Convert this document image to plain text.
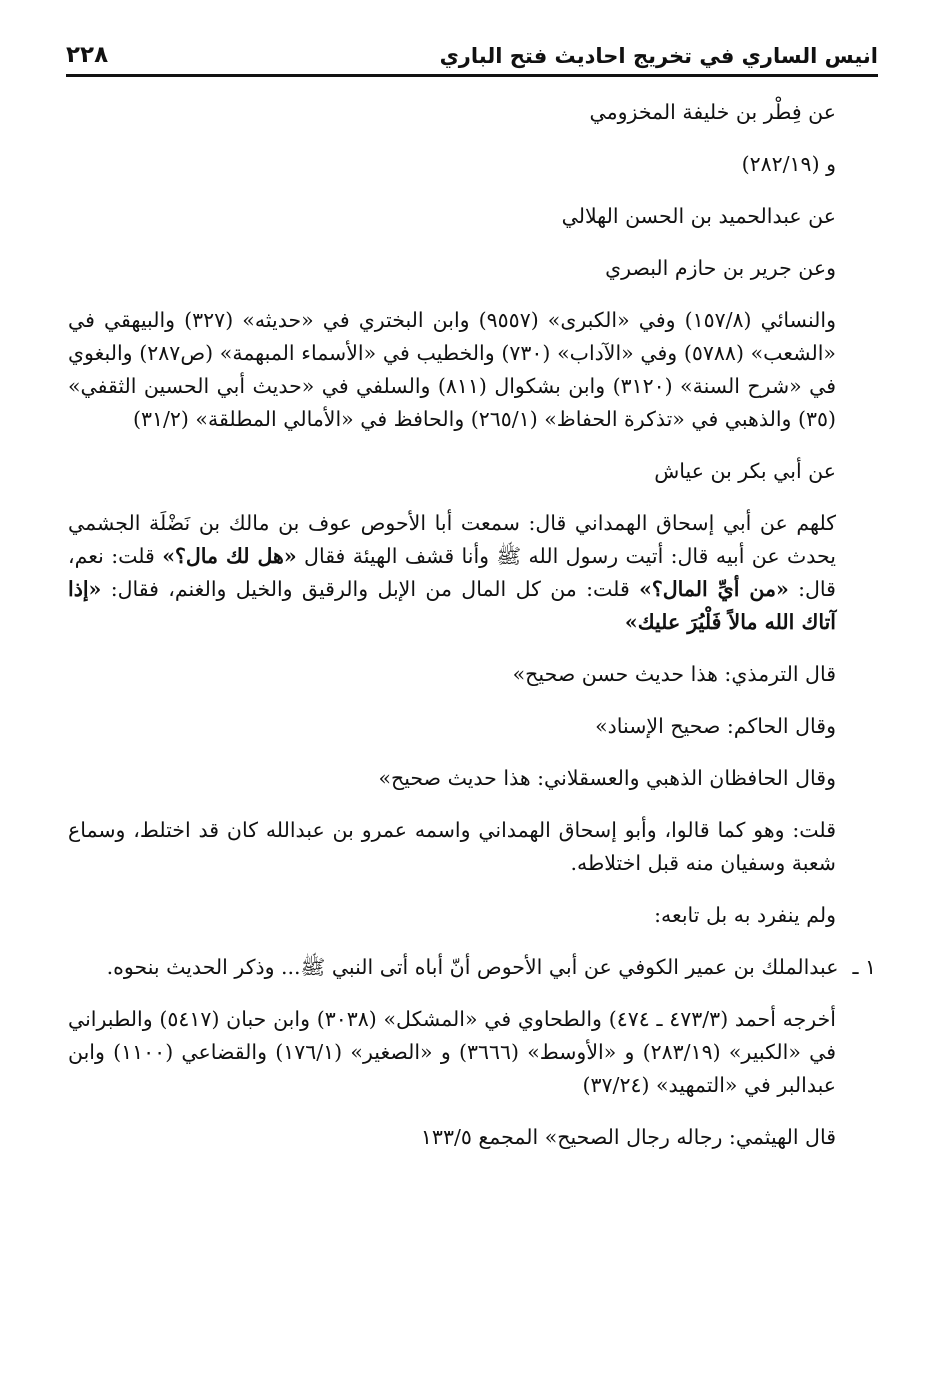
٢٢٨	انيس الساري في تخريج احاديث فتح الباري

عن فِطْر بن خليفة المخزومي

و (٢٨٢/١٩)

عن عبدالحميد بن الحسن الهلالي

وعن جرير بن حازم البصري

والنسائي (١٥٧/٨) وفي «الكبرى» (٩٥٥٧) وابن البختري في «حديثه» (٣٢٧) والبيهقي في «الشعب» (٥٧٨٨) وفي «الآداب» (٧٣٠) والخطيب في «الأسماء المبهمة» (ص٢٨٧) والبغوي في «شرح السنة» (٣١٢٠) وابن بشكوال (٨١١) والسلفي في «حديث أبي الحسين الثقفي» (٣٥) والذهبي في «تذكرة الحفاظ» (٢٦٥/١) والحافظ في «الأمالي المطلقة» (٣١/٢)

عن أبي بكر بن عياش

كلهم عن أبي إسحاق الهمداني قال: سمعت أبا الأحوص عوف بن مالك بن نَضْلَة الجشمي يحدث عن أبيه قال: أتيت رسول الله ﷺ وأنا قشف الهيئة فقال «هل لك مال؟» قلت: نعم، قال: «من أيِّ المال؟» قلت: من كل المال من الإبل والرقيق والخيل والغنم، فقال: «إذا آتاك الله مالاً فَلْيُرَ عليك»

قال الترمذي: هذا حديث حسن صحيح»

وقال الحاكم: صحيح الإسناد»

وقال الحافظان الذهبي والعسقلاني: هذا حديث صحيح»

قلت: وهو كما قالوا، وأبو إسحاق الهمداني واسمه عمرو بن عبدالله كان قد اختلط، وسماع شعبة وسفيان منه قبل اختلاطه.

ولم ينفرد به بل تابعه:

١ ـ
عبدالملك بن عمير الكوفي عن أبي الأحوص أنّ أباه أتى النبي ﷺ... وذكر الحديث بنحوه.

أخرجه أحمد (٤٧٣/٣ ـ ٤٧٤) والطحاوي في «المشكل» (٣٠٣٨) وابن حبان (٥٤١٧) والطبراني في «الكبير» (٢٨٣/١٩) و «الأوسط» (٣٦٦٦) و «الصغير» (١٧٦/١) والقضاعي (١١٠٠) وابن عبدالبر في «التمهيد» (٣٧/٢٤)

قال الهيثمي: رجاله رجال الصحيح» المجمع ١٣٣/٥
